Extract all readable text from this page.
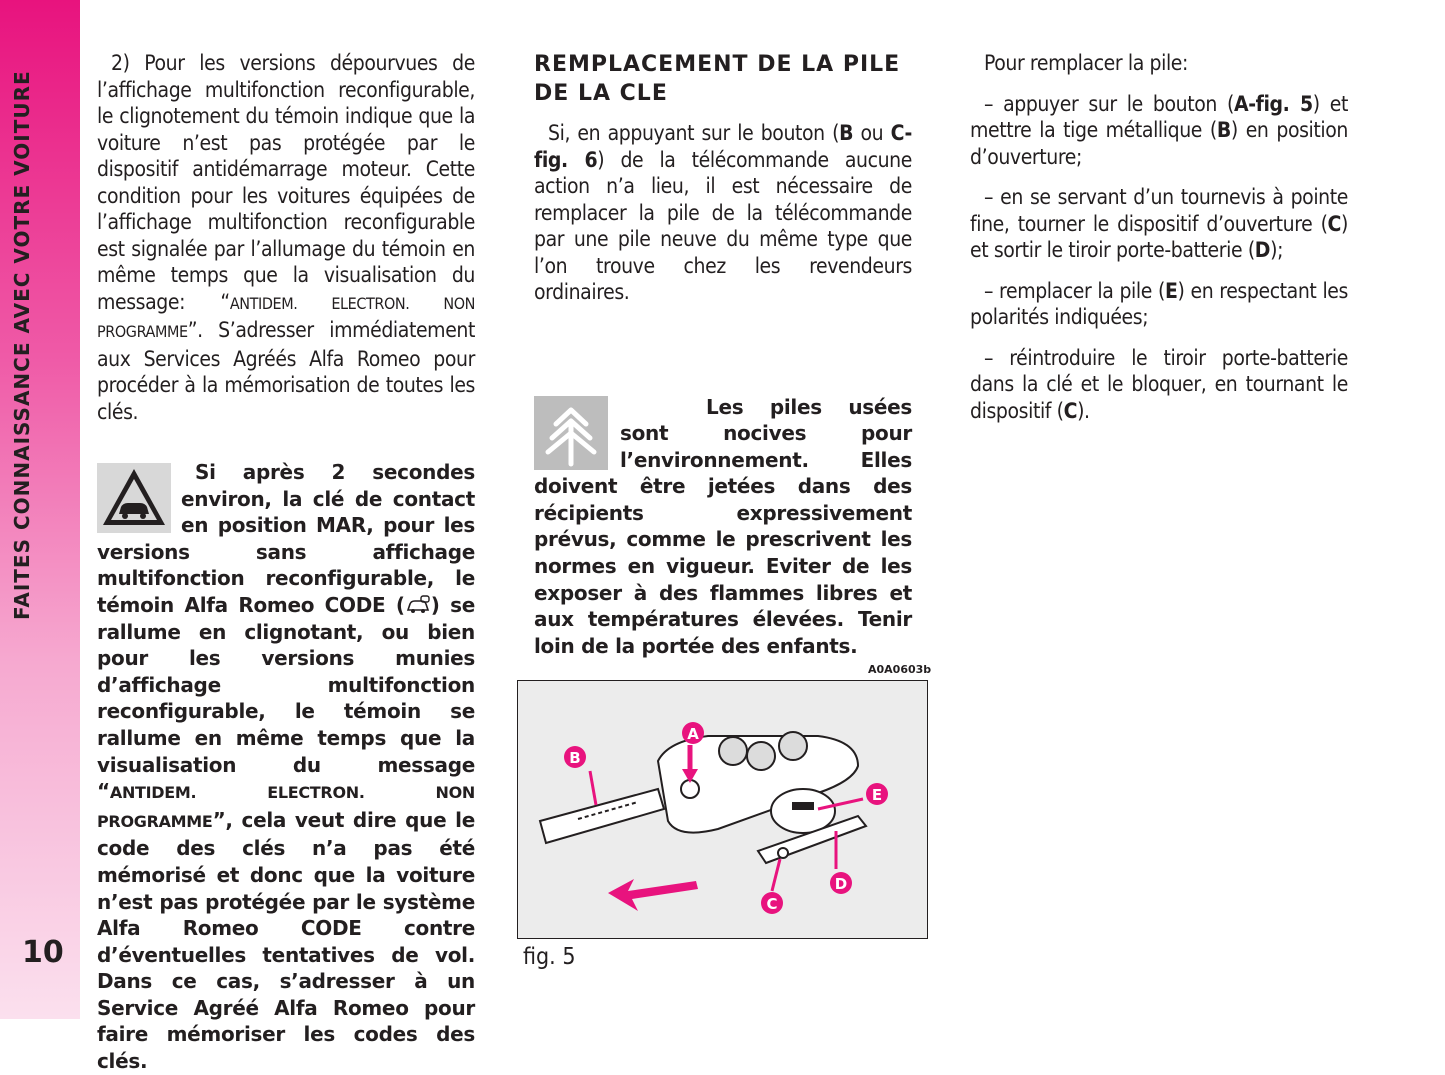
FAITES CONNAISSANCE AVEC VOTRE VOITURE
10

2) Pour les versions dépourvues de l’affichage multifonction reconfigurable, le clignotement du témoin indique que la voiture n’est pas protégée par le dispositif antidémarrage moteur. Cette condition pour les voitures équipées de l’affichage multifonction reconfigurable est signalée par l’allumage du témoin en même temps que la visualisation du message: “ANTIDEM. ELECTRON. NON PROGRAMME”. S’adresser immédiatement aux Services Agréés Alfa Romeo pour procéder à la mémorisation de toutes les clés.

Si après 2 secondes environ, la clé de contact en position MAR, pour les versions sans affichage multifonction reconfigurable, le témoin Alfa Romeo CODE ( ) se rallume en clignotant, ou bien pour les versions munies d’affichage multifonction reconfigurable, le témoin se rallume en même temps que la visualisation du message “ANTIDEM. ELECTRON. NON PROGRAMME”, cela veut dire que le code des clés n’a pas été mémorisé et donc que la voiture n’est pas protégée par le système Alfa Romeo CODE contre d’éventuelles tentatives de vol. Dans ce cas, s’adresser à un Service Agréé Alfa Romeo pour faire mémoriser les codes des clés.

REMPLACEMENT DE LA PILE
DE LA CLE

Si, en appuyant sur le bouton (B ou C-fig. 6) de la télécommande aucune action n’a lieu, il est nécessaire de remplacer la pile de la télécommande par une pile neuve du même type que l’on trouve chez les revendeurs ordinaires.

Les piles usées sont nocives pour l’environnement. Elles doivent être jetées dans des récipients expressivement prévus, comme le prescrivent les normes en vigueur. Eviter de les exposer à des flammes libres et aux températures élevées. Tenir loin de la portée des enfants.

A0A0603b
A
B
C
D
E
fig. 5

Pour remplacer la pile:

– appuyer sur le bouton (A-fig. 5) et mettre la tige métallique (B) en position d’ouverture;

– en se servant d’un tournevis à pointe fine, tourner le dispositif d’ouverture (C) et sortir le tiroir porte-batterie (D);

– remplacer la pile (E) en respectant les polarités indiquées;

– réintroduire le tiroir porte-batterie dans la clé et le bloquer, en tournant le dispositif (C).
